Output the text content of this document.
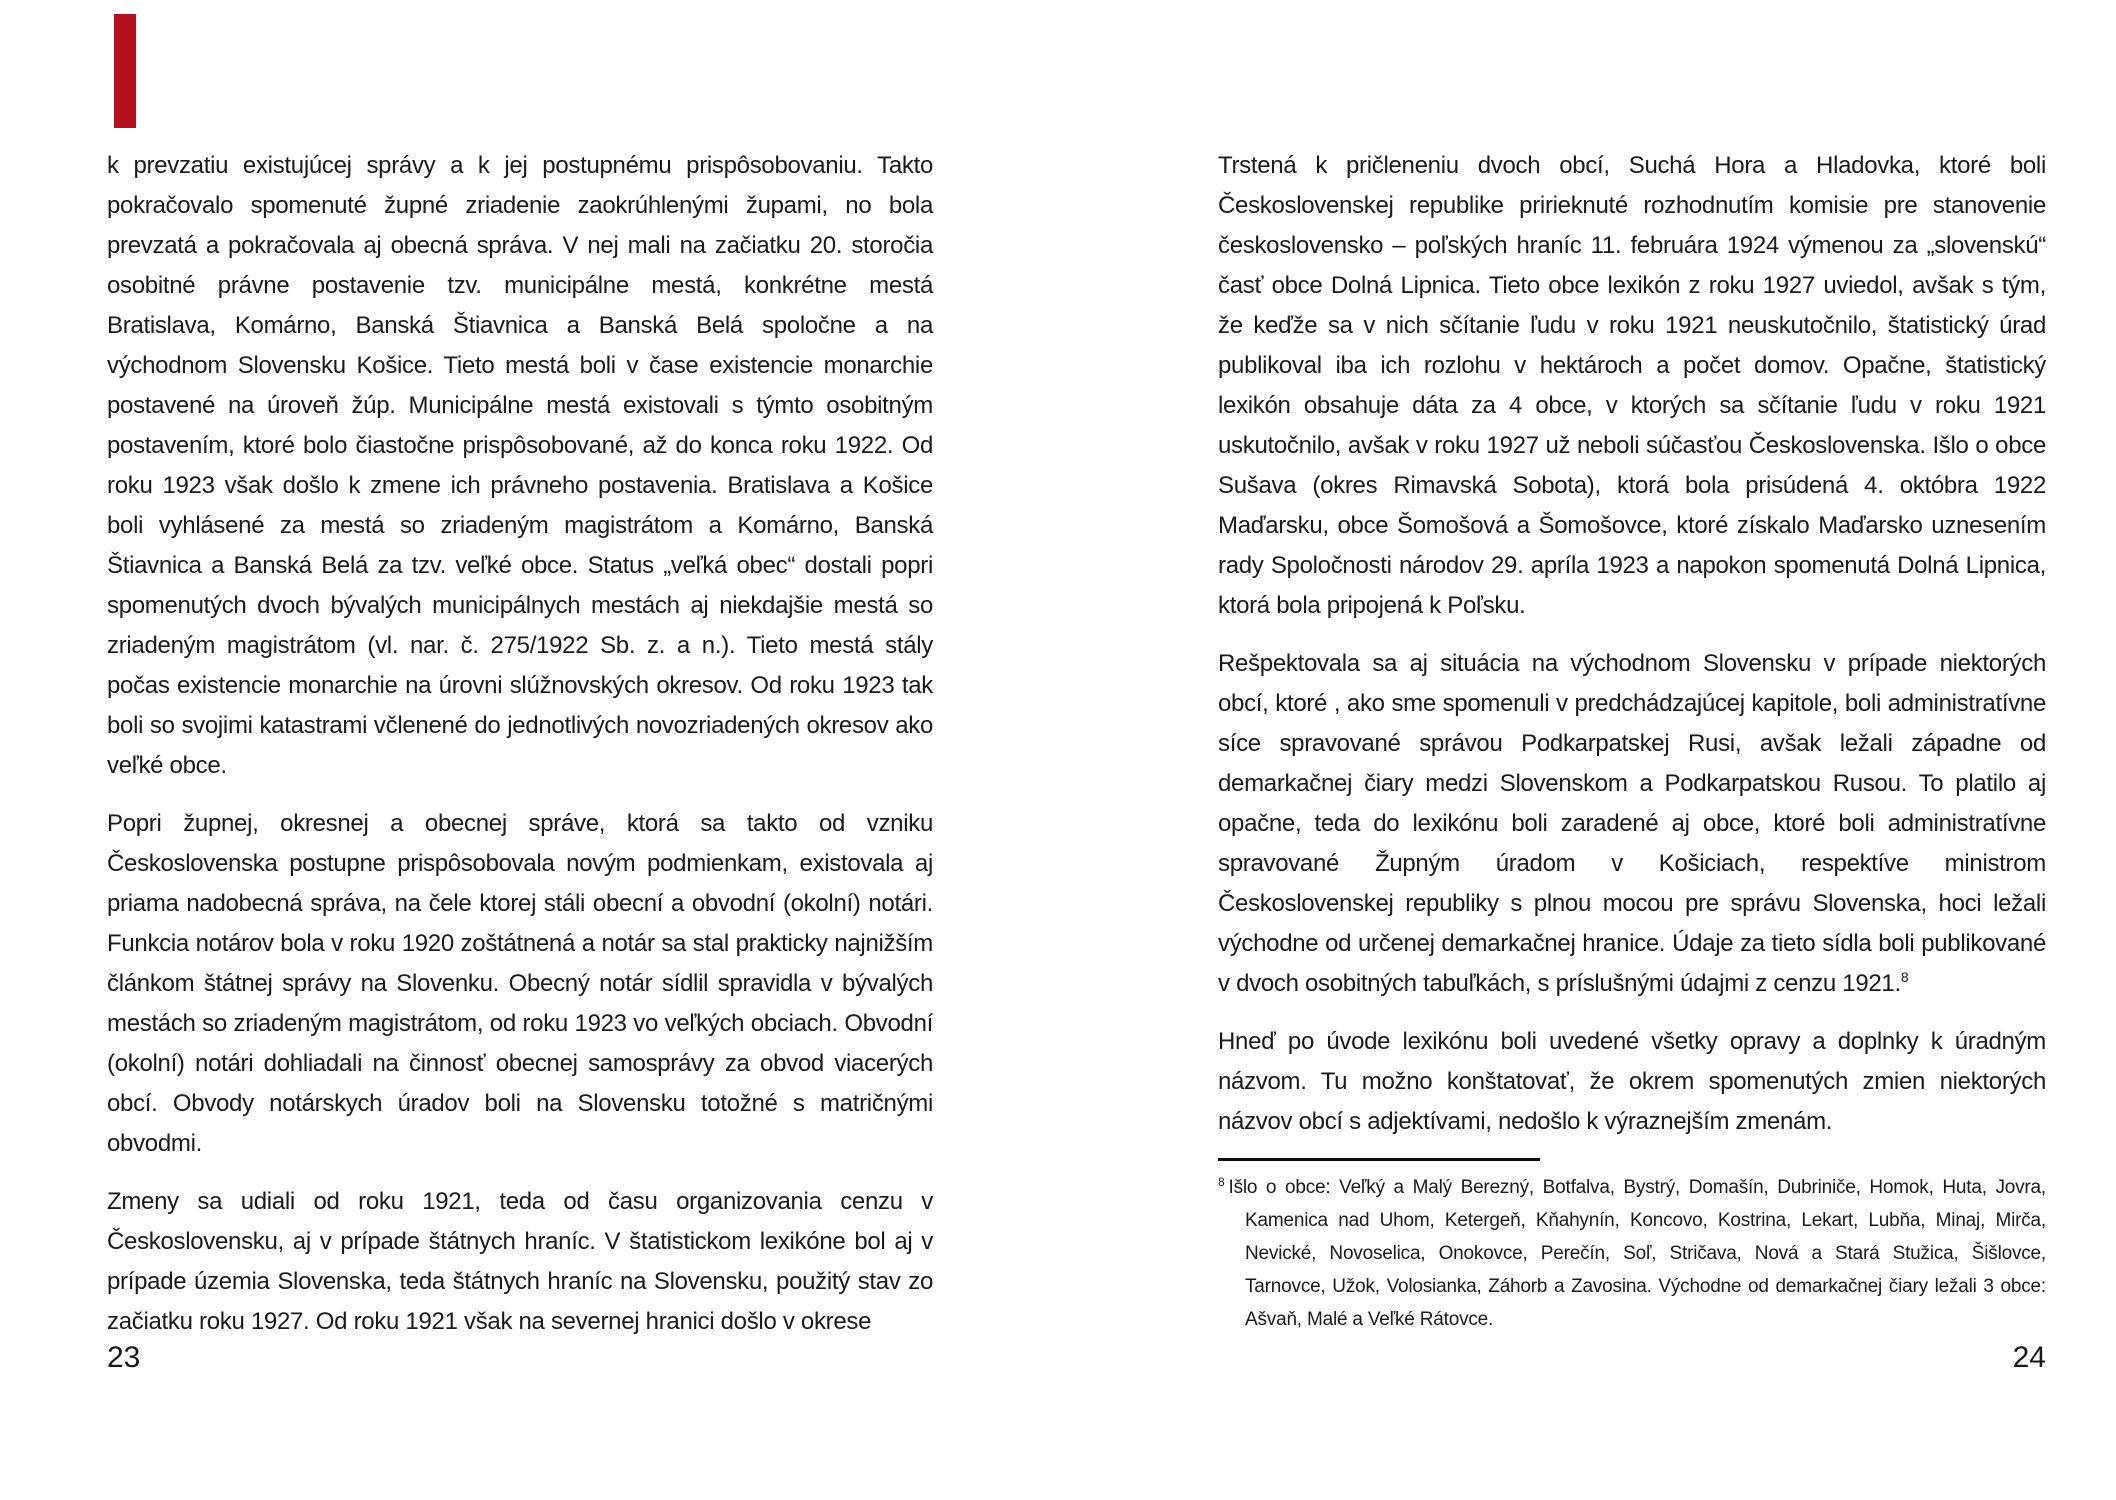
k prevzatiu existujúcej správy a k jej postupnému prispôsobovaniu. Takto pokračovalo spomenuté župné zriadenie zaokrúhlenými župami, no bola prevzatá a pokračovala aj obecná správa. V nej mali na začiatku 20. storočia osobitné právne postavenie tzv. municipálne mestá, konkrétne mestá Bratislava, Komárno, Banská Štiavnica a Banská Belá spoločne a na východnom Slovensku Košice. Tieto mestá boli v čase existencie monarchie postavené na úroveň žúp. Municipálne mestá existovali s týmto osobitným postavením, ktoré bolo čiastočne prispôsobované, až do konca roku 1922. Od roku 1923 však došlo k zmene ich právneho postavenia. Bratislava a Košice boli vyhlásené za mestá so zriadeným magistrátom a Komárno, Banská Štiavnica a Banská Belá za tzv. veľké obce. Status „veľká obec“ dostali popri spomenutých dvoch bývalých municipálnych mestách aj niekdajšie mestá so zriadeným magistrátom (vl. nar. č. 275/1922 Sb. z. a n.). Tieto mestá stály počas existencie monarchie na úrovni slúžnovských okresov. Od roku 1923 tak boli so svojimi katastrami včlenené do jednotlivých novozriadených okresov ako veľké obce.

Popri župnej, okresnej a obecnej správe, ktorá sa takto od vzniku Československa postupne prispôsobovala novým podmienkam, existovala aj priama nadobecná správa, na čele ktorej stáli obecní a obvodní (okolní) notári. Funkcia notárov bola v roku 1920 zoštátnená a notár sa stal prakticky najnižším článkom štátnej správy na Slovenku. Obecný notár sídlil spravidla v bývalých mestách so zriadeným magistrátom, od roku 1923 vo veľkých obciach. Obvodní (okolní) notári dohliadali na činnosť obecnej samosprávy za obvod viacerých obcí. Obvody notárskych úradov boli na Slovensku totožné s matričnými obvodmi.

Zmeny sa udiali od roku 1921, teda od času organizovania cenzu v Československu, aj v prípade štátnych hraníc. V štatistickom lexikóne bol aj v prípade územia Slovenska, teda štátnych hraníc na Slovensku, použitý stav zo začiatku roku 1927. Od roku 1921 však na severnej hranici došlo v okrese

Trstená k pričleneniu dvoch obcí, Suchá Hora a Hladovka, ktoré boli Československej republike pririeknuté rozhodnutím komisie pre stanovenie československo – poľských hraníc 11. februára 1924 výmenou za „slovenskú“ časť obce Dolná Lipnica. Tieto obce lexikón z roku 1927 uviedol, avšak s tým, že keďže sa v nich sčítanie ľudu v roku 1921 neuskutočnilo, štatistický úrad publikoval iba ich rozlohu v hektároch a počet domov. Opačne, štatistický lexikón obsahuje dáta za 4 obce, v ktorých sa sčítanie ľudu v roku 1921 uskutočnilo, avšak v roku 1927 už neboli súčasťou Československa. Išlo o obce Sušava (okres Rimavská Sobota), ktorá bola prisúdená 4. októbra 1922 Maďarsku, obce Šomošová a Šomošovce, ktoré získalo Maďarsko uznesením rady Spoločnosti národov 29. apríla 1923 a napokon spomenutá Dolná Lipnica, ktorá bola pripojená k Poľsku.

Rešpektovala sa aj situácia na východnom Slovensku v prípade niektorých obcí, ktoré , ako sme spomenuli v predchádzajúcej kapitole, boli administratívne síce spravované správou Podkarpatskej Rusi, avšak ležali západne od demarkačnej čiary medzi Slovenskom a Podkarpatskou Rusou. To platilo aj opačne, teda do lexikónu boli zaradené aj obce, ktoré boli administratívne spravované Župným úradom v Košiciach, respektíve ministrom Československej republiky s plnou mocou pre správu Slovenska, hoci ležali východne od určenej demarkačnej hranice. Údaje za tieto sídla boli publikované v dvoch osobitných tabuľkách, s príslušnými údajmi z cenzu 1921.$^8$

Hneď po úvode lexikónu boli uvedené všetky opravy a doplnky k úradným názvom. Tu možno konštatovať, že okrem spomenutých zmien niektorých názvov obcí s adjektívami, nedošlo k výraznejším zmenám.

$^8$ Išlo o obce: Veľký a Malý Berezný, Botfalva, Bystrý, Domašín, Dubriniče, Homok, Huta, Jovra, Kamenica nad Uhom, Ketergeň, Kňahynín, Koncovo, Kostrina, Lekart, Lubňa, Minaj, Mirča, Nevické, Novoselica, Onokovce, Perečín, Soľ, Stričava, Nová a Stará Stužica, Šišlovce, Tarnovce, Užok, Volosianka, Záhorb a Zavosina. Východne od demarkačnej čiary ležali 3 obce: Ašvaň, Malé a Veľké Rátovce.
23	24
